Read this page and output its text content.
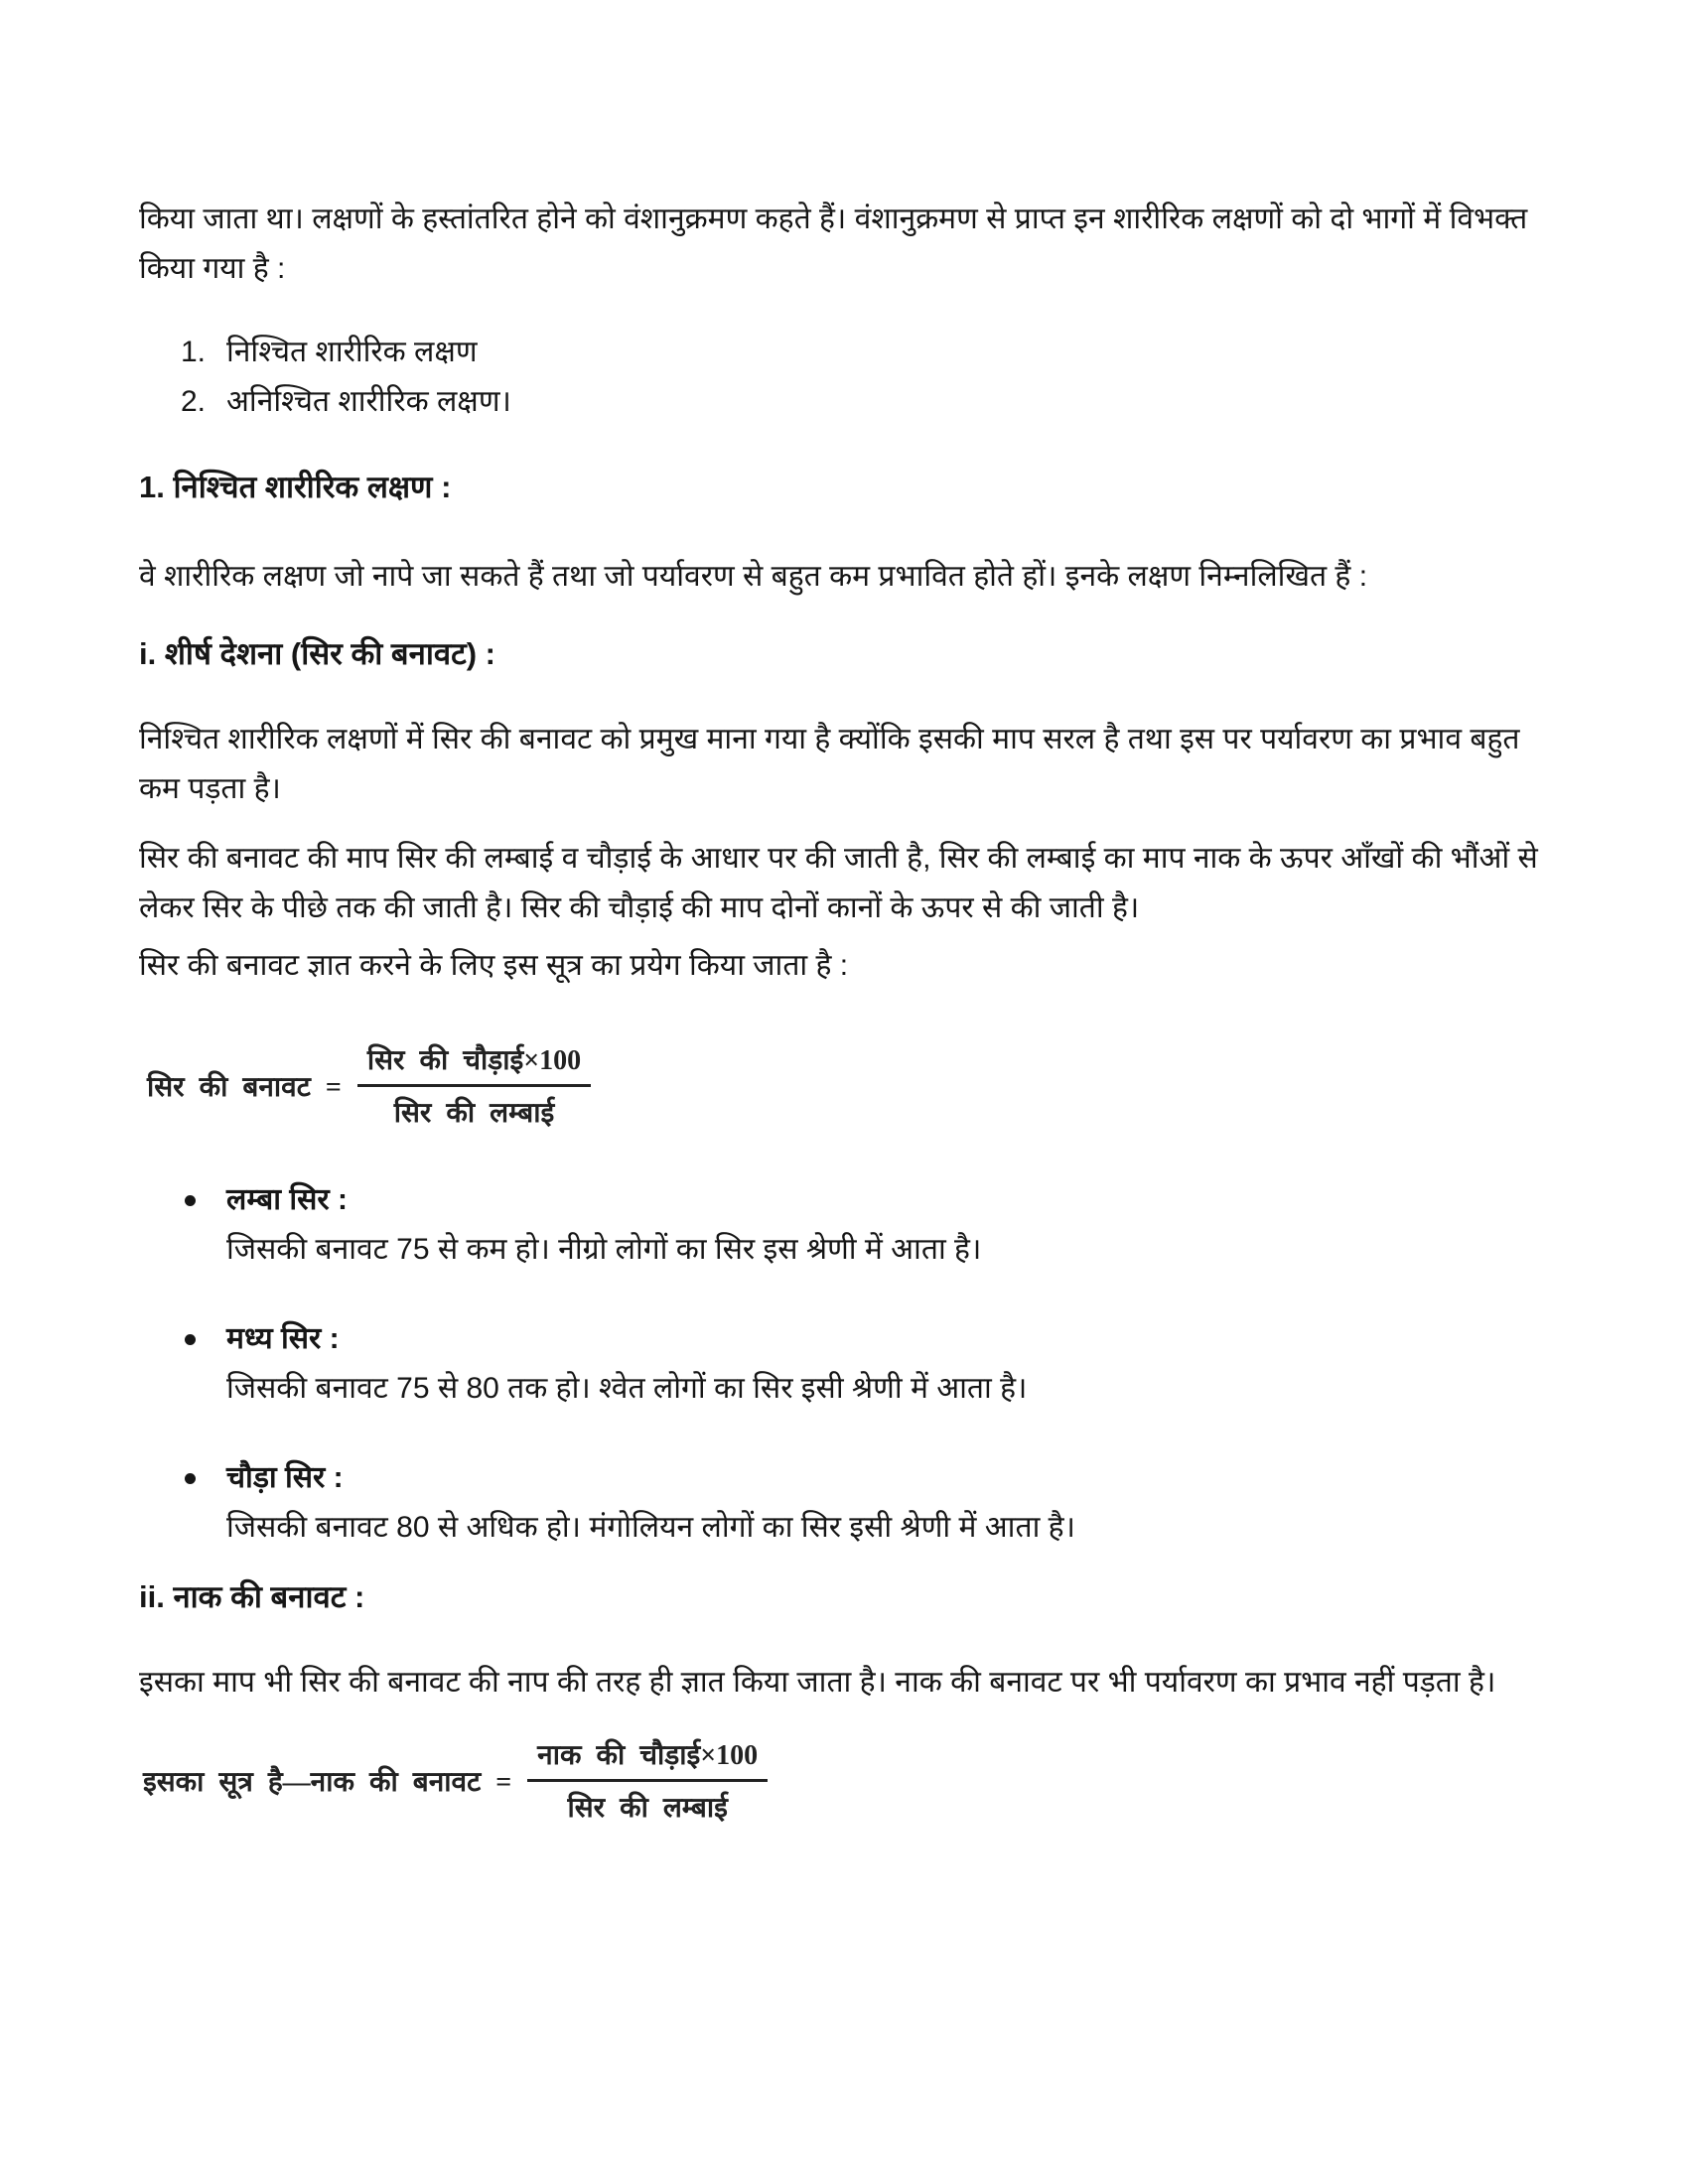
किया जाता था। लक्षणों के हस्तांतरित होने को वंशानुक्रमण कहते हैं। वंशानुक्रमण से प्राप्त इन शारीरिक लक्षणों को दो भागों में विभक्त किया गया है :

1. निश्चित शारीरिक लक्षण
2. अनिश्चित शारीरिक लक्षण।
1. निश्चित शारीरिक लक्षण :

वे शारीरिक लक्षण जो नापे जा सकते हैं तथा जो पर्यावरण से बहुत कम प्रभावित होते हों। इनके लक्षण निम्नलिखित हैं :

i. शीर्ष देशना (सिर की बनावट) :

निश्चित शारीरिक लक्षणों में सिर की बनावट को प्रमुख माना गया है क्योंकि इसकी माप सरल है तथा इस पर पर्यावरण का प्रभाव बहुत कम पड़ता है।

सिर की बनावट की माप सिर की लम्बाई व चौड़ाई के आधार पर की जाती है, सिर की लम्बाई का माप नाक के ऊपर आँखों की भौंओं से लेकर सिर के पीछे तक की जाती है। सिर की चौड़ाई की माप दोनों कानों के ऊपर से की जाती है।

सिर की बनावट ज्ञात करने के लिए इस सूत्र का प्रयेग किया जाता है :

सिर की बनावट = $\frac{\text{सिर की चौड़ाई×100}}{\text{सिर की लम्बाई}}$
लम्बा सिर :
जिसकी बनावट 75 से कम हो। नीग्रो लोगों का सिर इस श्रेणी में आता है।
मध्य सिर :
जिसकी बनावट 75 से 80 तक हो। श्वेत लोगों का सिर इसी श्रेणी में आता है।
चौड़ा सिर :
जिसकी बनावट 80 से अधिक हो। मंगोलियन लोगों का सिर इसी श्रेणी में आता है।
ii. नाक की बनावट :

इसका माप भी सिर की बनावट की नाप की तरह ही ज्ञात किया जाता है। नाक की बनावट पर भी पर्यावरण का प्रभाव नहीं पड़ता है।

इसका सूत्र है—नाक की बनावट = $\frac{\text{नाक की चौड़ाई×100}}{\text{सिर की लम्बाई}}$
